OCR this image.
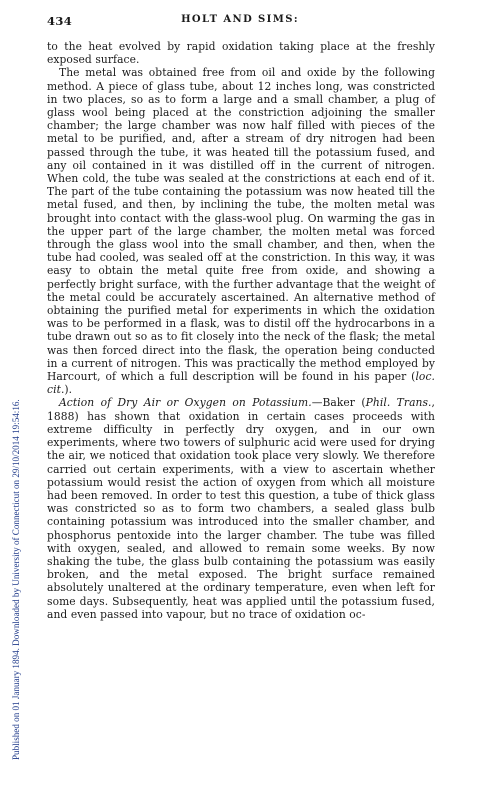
434	HOLT AND SIMS:
Published on 01 January 1894. Downloaded by University of Connecticut on 29/10/2014 19:54:16.

to the heat evolved by rapid oxidation taking place at the freshly exposed surface.

The metal was obtained free from oil and oxide by the following method. A piece of glass tube, about 12 inches long, was constricted in two places, so as to form a large and a small chamber, a plug of glass wool being placed at the constriction adjoining the smaller chamber; the large chamber was now half filled with pieces of the metal to be purified, and, after a stream of dry nitrogen had been passed through the tube, it was heated till the potassium fused, and any oil contained in it was distilled off in the current of nitrogen. When cold, the tube was sealed at the constrictions at each end of it. The part of the tube containing the potassium was now heated till the metal fused, and then, by inclining the tube, the molten metal was brought into contact with the glass-wool plug. On warming the gas in the upper part of the large chamber, the molten metal was forced through the glass wool into the small chamber, and then, when the tube had cooled, was sealed off at the constriction. In this way, it was easy to obtain the metal quite free from oxide, and showing a perfectly bright surface, with the further advantage that the weight of the metal could be accurately ascertained. An alternative method of obtaining the purified metal for experiments in which the oxidation was to be performed in a flask, was to distil off the hydrocarbons in a tube drawn out so as to fit closely into the neck of the flask; the metal was then forced direct into the flask, the operation being conducted in a current of nitrogen. This was practically the method employed by Harcourt, of which a full description will be found in his paper (loc. cit.).

Action of Dry Air or Oxygen on Potassium.—Baker (Phil. Trans., 1888) has shown that oxidation in certain cases proceeds with extreme difficulty in perfectly dry oxygen, and in our own experiments, where two towers of sulphuric acid were used for drying the air, we noticed that oxidation took place very slowly. We therefore carried out certain experiments, with a view to ascertain whether potassium would resist the action of oxygen from which all moisture had been removed. In order to test this question, a tube of thick glass was constricted so as to form two chambers, a sealed glass bulb containing potassium was introduced into the smaller chamber, and phosphorus pentoxide into the larger chamber. The tube was filled with oxygen, sealed, and allowed to remain some weeks. By now shaking the tube, the glass bulb containing the potassium was easily broken, and the metal exposed. The bright surface remained absolutely unaltered at the ordinary temperature, even when left for some days. Subsequently, heat was applied until the potassium fused, and even passed into vapour, but no trace of oxidation oc-
